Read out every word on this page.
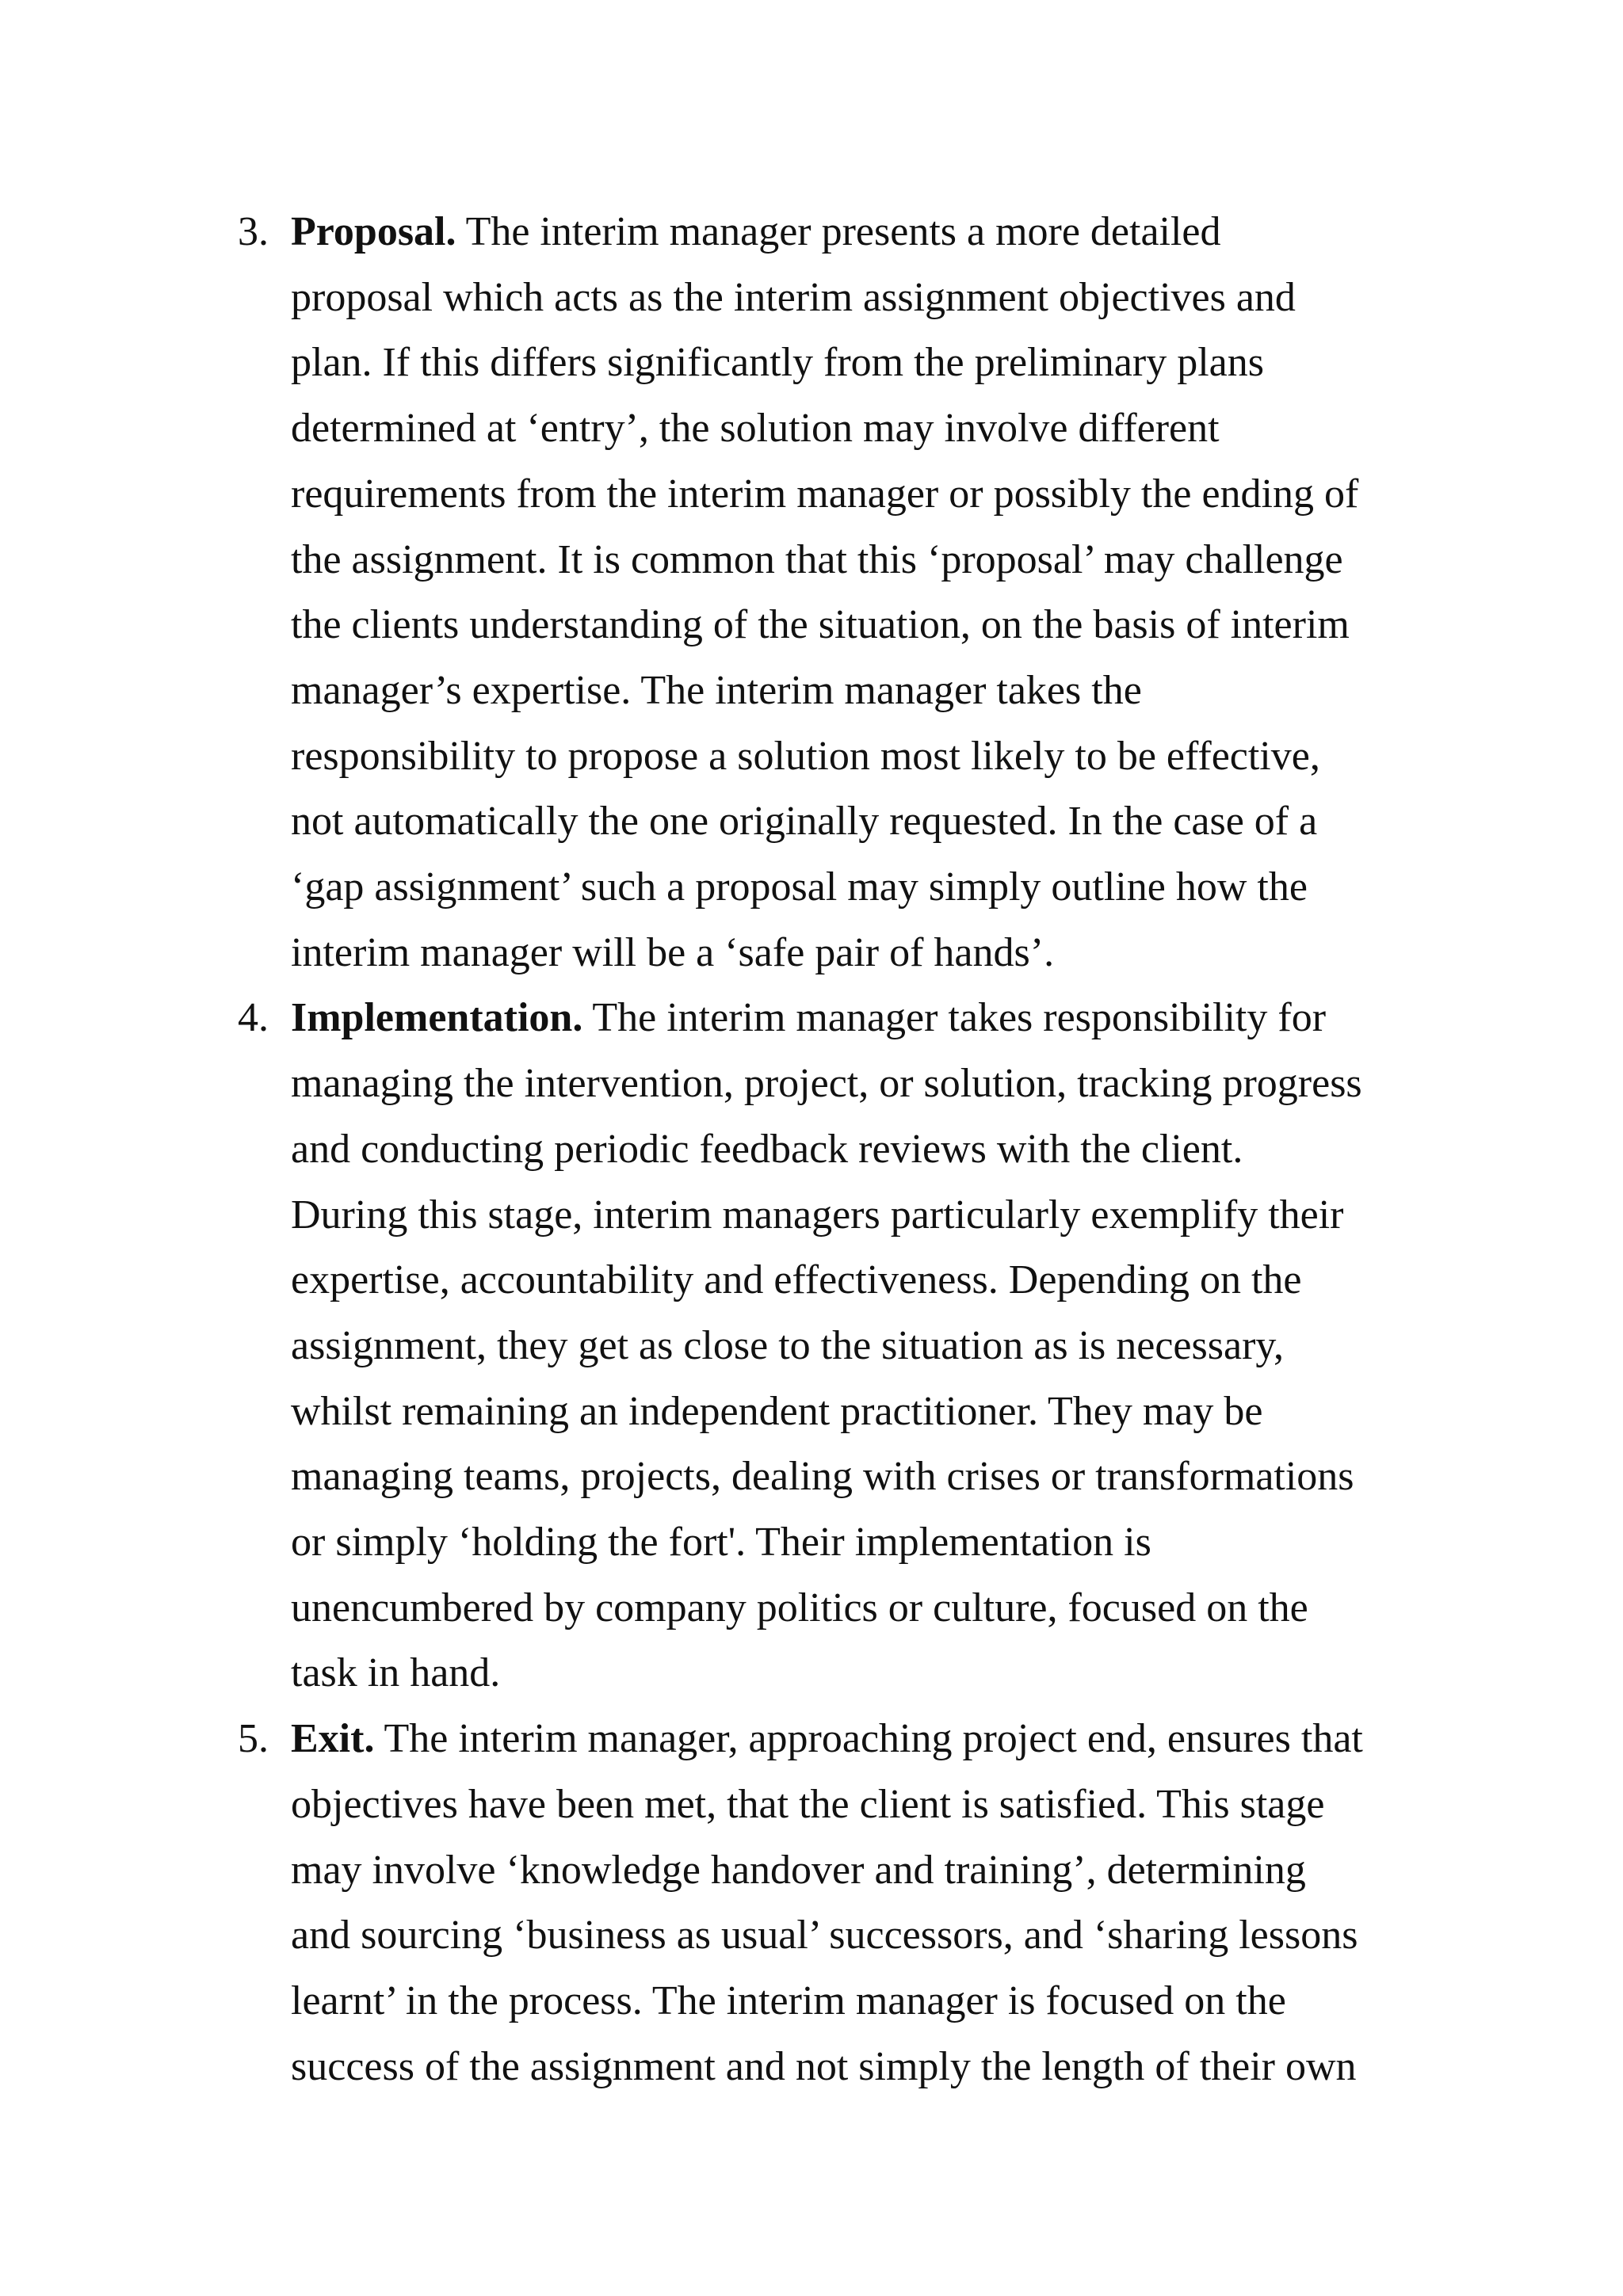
3. Proposal. The interim manager presents a more detailed
proposal which acts as the interim assignment objectives and
plan. If this differs significantly from the preliminary plans
determined at ‘entry’, the solution may involve different
requirements from the interim manager or possibly the ending of
the assignment. It is common that this ‘proposal’ may challenge
the clients understanding of the situation, on the basis of interim
manager’s expertise. The interim manager takes the
responsibility to propose a solution most likely to be effective,
not automatically the one originally requested. In the case of a
‘gap assignment’ such a proposal may simply outline how the
interim manager will be a ‘safe pair of hands’.
4. Implementation. The interim manager takes responsibility for
managing the intervention, project, or solution, tracking progress
and conducting periodic feedback reviews with the client.
During this stage, interim managers particularly exemplify their
expertise, accountability and effectiveness. Depending on the
assignment, they get as close to the situation as is necessary,
whilst remaining an independent practitioner. They may be
managing teams, projects, dealing with crises or transformations
or simply ‘holding the fort'. Their implementation is
unencumbered by company politics or culture, focused on the
task in hand.
5. Exit. The interim manager, approaching project end, ensures that
objectives have been met, that the client is satisfied. This stage
may involve ‘knowledge handover and training’, determining
and sourcing ‘business as usual’ successors, and ‘sharing lessons
learnt’ in the process. The interim manager is focused on the
success of the assignment and not simply the length of their own
